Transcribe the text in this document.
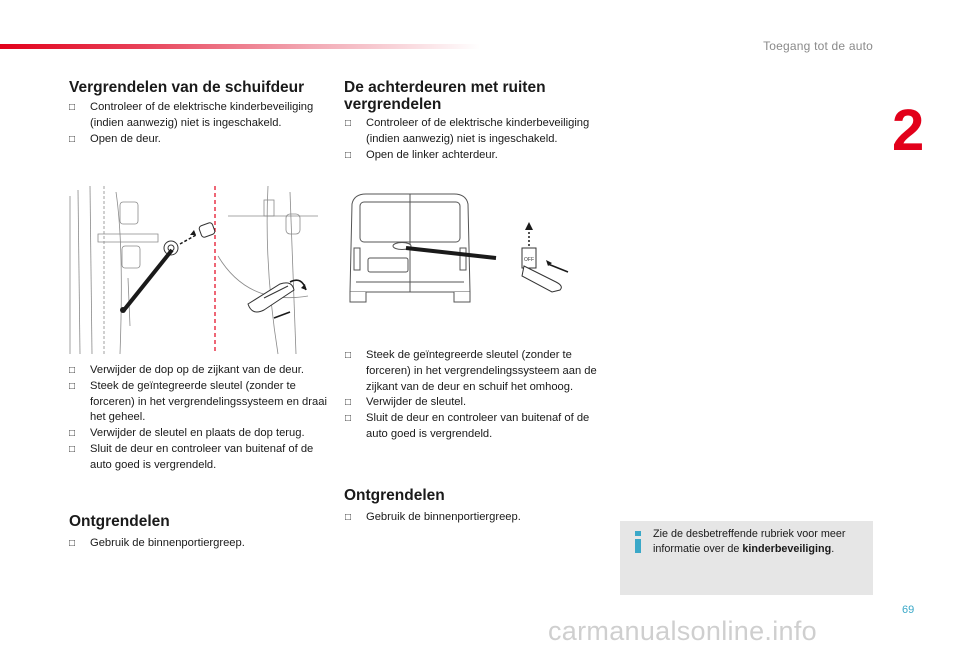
Toegang tot de auto
2
Vergrendelen van de schuifdeur
□ Controleer of de elektrische kinderbeveiliging (indien aanwezig) niet is ingeschakeld.
□ Open de deur.
□ Verwijder de dop op de zijkant van de deur.
□ Steek de geïntegreerde sleutel (zonder te forceren) in het vergrendelingssysteem en draai het geheel.
□ Verwijder de sleutel en plaats de dop terug.
□ Sluit de deur en controleer van buitenaf of de auto goed is vergrendeld.
Ontgrendelen
□ Gebruik de binnenportiergreep.
De achterdeuren met ruiten
vergrendelen
□ Controleer of de elektrische kinderbeveiliging (indien aanwezig) niet is ingeschakeld.
□ Open de linker achterdeur.
OFF
□ Steek de geïntegreerde sleutel (zonder te forceren) in het vergrendelingssysteem aan de zijkant van de deur en schuif het omhoog.
□ Verwijder de sleutel.
□ Sluit de deur en controleer van buitenaf of de auto goed is vergrendeld.
Ontgrendelen
□ Gebruik de binnenportiergreep.
Zie de desbetreffende rubriek voor meer informatie over de kinderbeveiliging.
69
carmanualsonline.info
